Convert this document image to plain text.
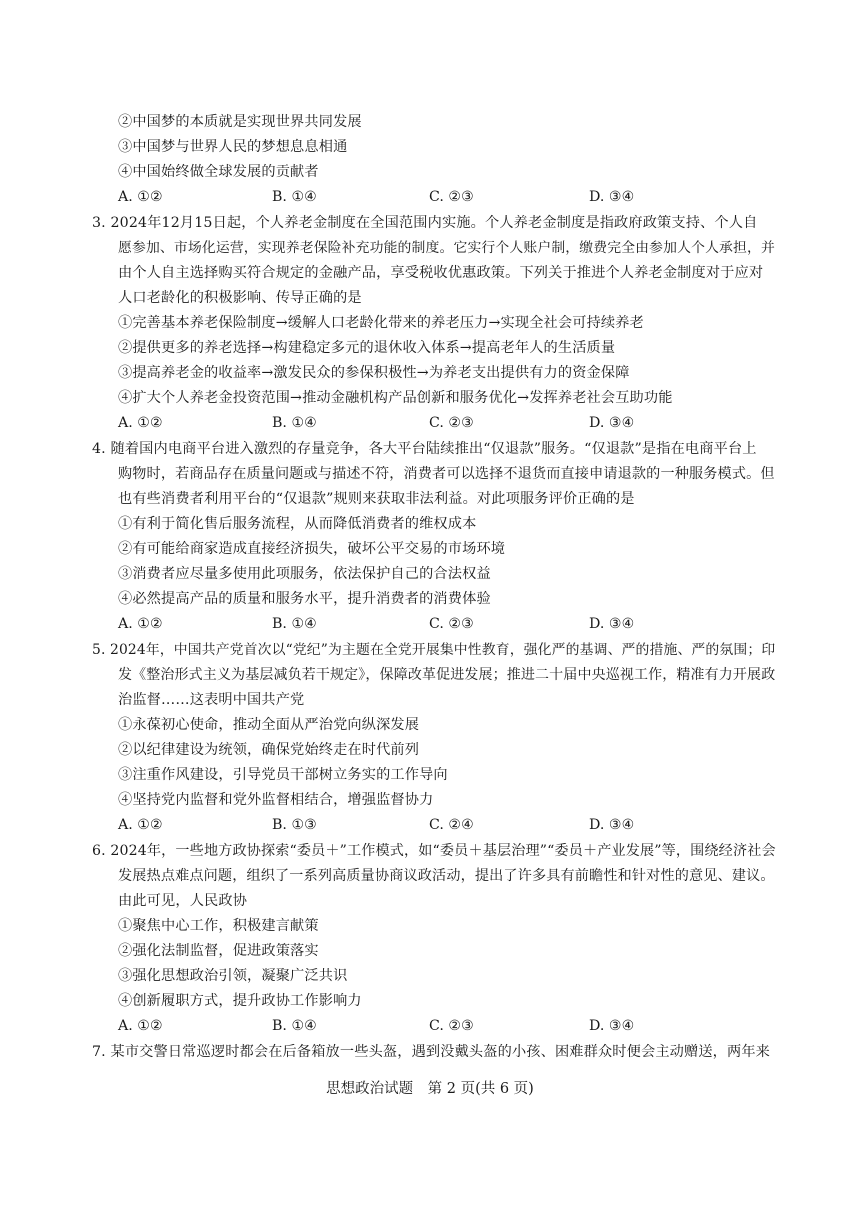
②中国梦的本质就是实现世界共同发展
③中国梦与世界人民的梦想息息相通
④中国始终做全球发展的贡献者
A. ①②	B. ①④	C. ②③	D. ③④
3. 2024年12月15日起，个人养老金制度在全国范围内实施。个人养老金制度是指政府政策支持、个人自
愿参加、市场化运营，实现养老保险补充功能的制度。它实行个人账户制，缴费完全由参加人个人承担，并
由个人自主选择购买符合规定的金融产品，享受税收优惠政策。下列关于推进个人养老金制度对于应对
人口老龄化的积极影响、传导正确的是
①完善基本养老保险制度→缓解人口老龄化带来的养老压力→实现全社会可持续养老
②提供更多的养老选择→构建稳定多元的退休收入体系→提高老年人的生活质量
③提高养老金的收益率→激发民众的参保积极性→为养老支出提供有力的资金保障
④扩大个人养老金投资范围→推动金融机构产品创新和服务优化→发挥养老社会互助功能
A. ①②	B. ①④	C. ②③	D. ③④
4. 随着国内电商平台进入激烈的存量竞争，各大平台陆续推出“仅退款”服务。“仅退款”是指在电商平台上
购物时，若商品存在质量问题或与描述不符，消费者可以选择不退货而直接申请退款的一种服务模式。但
也有些消费者利用平台的“仅退款”规则来获取非法利益。对此项服务评价正确的是
①有利于简化售后服务流程，从而降低消费者的维权成本
②有可能给商家造成直接经济损失，破坏公平交易的市场环境
③消费者应尽量多使用此项服务，依法保护自己的合法权益
④必然提高产品的质量和服务水平，提升消费者的消费体验
A. ①②	B. ①④	C. ②③	D. ③④
5. 2024年，中国共产党首次以“党纪”为主题在全党开展集中性教育，强化严的基调、严的措施、严的氛围；印
发《整治形式主义为基层减负若干规定》，保障改革促进发展；推进二十届中央巡视工作，精准有力开展政
治监督……这表明中国共产党
①永葆初心使命，推动全面从严治党向纵深发展
②以纪律建设为统领，确保党始终走在时代前列
③注重作风建设，引导党员干部树立务实的工作导向
④坚持党内监督和党外监督相结合，增强监督协力
A. ①②	B. ①③	C. ②④	D. ③④
6. 2024年，一些地方政协探索“委员＋”工作模式，如“委员＋基层治理”“委员＋产业发展”等，围绕经济社会
发展热点难点问题，组织了一系列高质量协商议政活动，提出了许多具有前瞻性和针对性的意见、建议。
由此可见，人民政协
①聚焦中心工作，积极建言献策
②强化法制监督，促进政策落实
③强化思想政治引领，凝聚广泛共识
④创新履职方式，提升政协工作影响力
A. ①②	B. ①④	C. ②③	D. ③④
7. 某市交警日常巡逻时都会在后备箱放一些头盔，遇到没戴头盔的小孩、困难群众时便会主动赠送，两年来
思想政治试题　第 2 页(共 6 页)
